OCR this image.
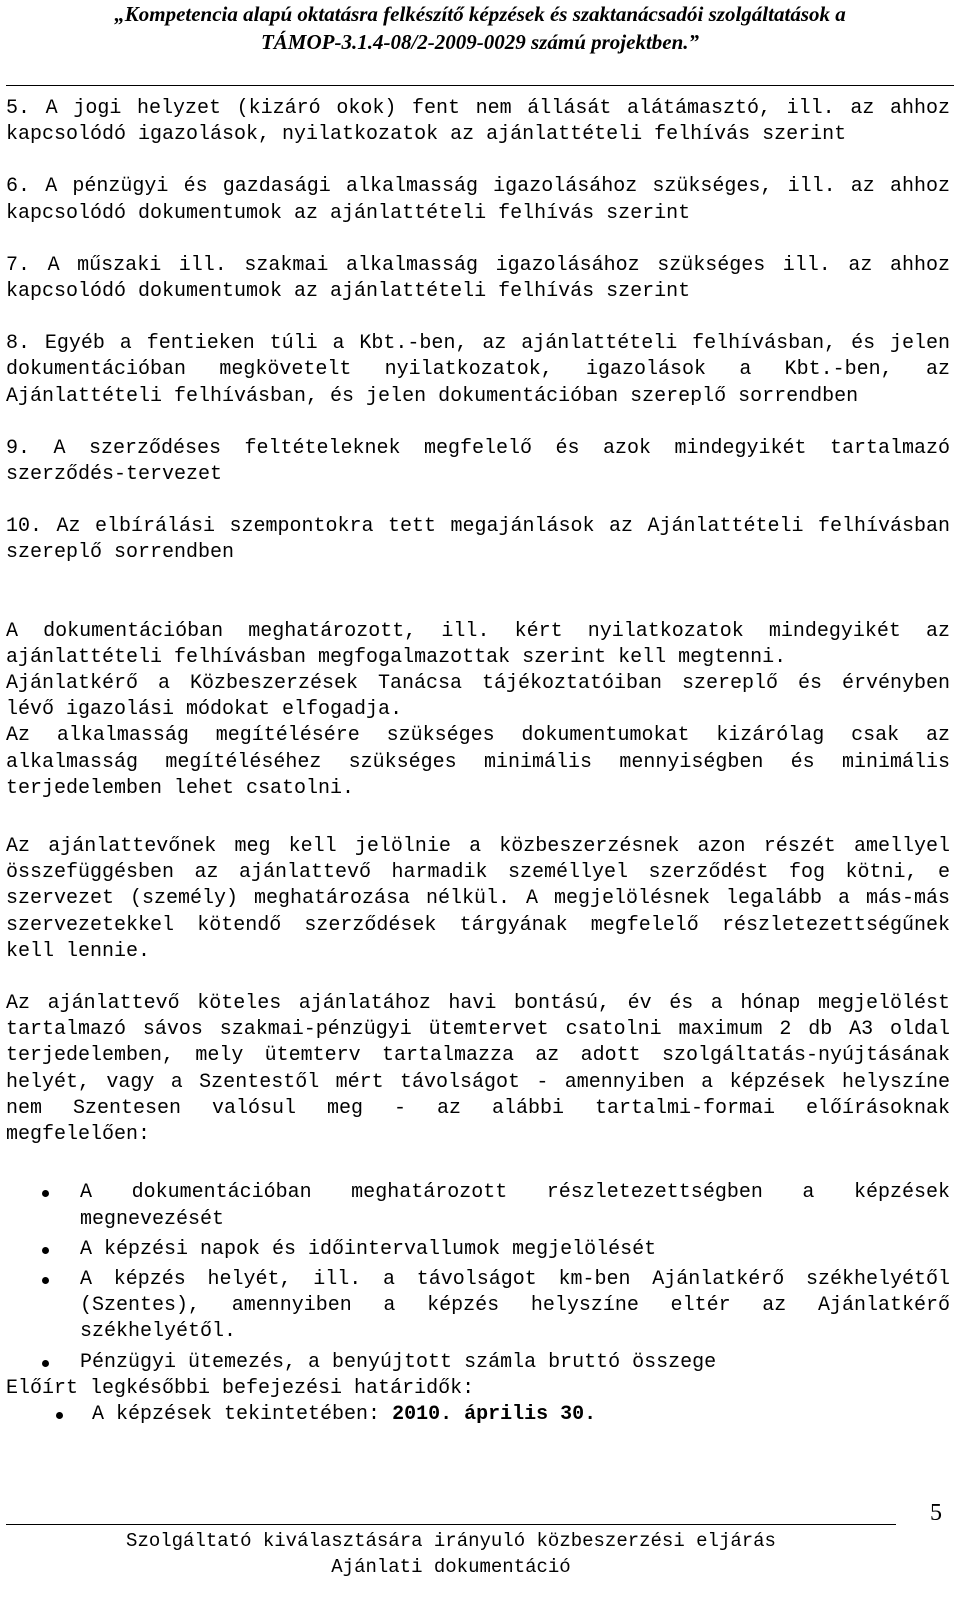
„Kompetencia alapú oktatásra felkészítő képzések és szaktanácsadói szolgáltatások a
TÁMOP-3.1.4-08/2-2009-0029 számú projektben.”

5. A jogi helyzet (kizáró okok) fent nem állását alátámasztó, ill. az ahhoz kapcsolódó igazolások, nyilatkozatok az ajánlattételi felhívás szerint

6. A pénzügyi és gazdasági alkalmasság igazolásához szükséges, ill. az ahhoz kapcsolódó dokumentumok az ajánlattételi felhívás szerint

7. A műszaki ill. szakmai alkalmasság igazolásához szükséges ill. az ahhoz kapcsolódó dokumentumok az ajánlattételi felhívás szerint

8. Egyéb a fentieken túli a Kbt.-ben, az ajánlattételi felhívásban, és jelen dokumentációban megkövetelt nyilatkozatok, igazolások a Kbt.-ben, az Ajánlattételi felhívásban, és jelen dokumentációban szereplő sorrendben

9. A szerződéses feltételeknek megfelelő és azok mindegyikét tartalmazó szerződés-tervezet

10. Az elbírálási szempontokra tett megajánlások az Ajánlattételi felhívásban szereplő sorrendben

A dokumentációban meghatározott, ill. kért nyilatkozatok mindegyikét az ajánlattételi felhívásban megfogalmazottak szerint kell megtenni.

Ajánlatkérő a Közbeszerzések Tanácsa tájékoztatóiban szereplő és érvényben lévő igazolási módokat elfogadja.

Az alkalmasság megítélésére szükséges dokumentumokat kizárólag csak az alkalmasság megítéléséhez szükséges minimális mennyiségben és minimális terjedelemben lehet csatolni.

Az ajánlattevőnek meg kell jelölnie a közbeszerzésnek azon részét amellyel összefüggésben az ajánlattevő harmadik személlyel szerződést fog kötni, e szervezet (személy) meghatározása nélkül. A megjelölésnek legalább a más-más szervezetekkel kötendő szerződések tárgyának megfelelő részletezettségűnek kell lennie.

Az ajánlattevő köteles ajánlatához havi bontású, év és a hónap megjelölést tartalmazó sávos szakmai-pénzügyi ütemtervet csatolni maximum 2 db A3 oldal terjedelemben, mely ütemterv tartalmazza az adott szolgáltatás-nyújtásának helyét, vagy a Szentestől mért távolságot - amennyiben a képzések helyszíne nem Szentesen valósul meg - az alábbi tartalmi-formai előírásoknak megfelelően:

A dokumentációban meghatározott részletezettségben a képzések megnevezését
A képzési napok és időintervallumok megjelölését
A képzés helyét, ill. a távolságot km-ben Ajánlatkérő székhelyétől (Szentes), amennyiben a képzés helyszíne eltér az Ajánlatkérő székhelyétől.
Pénzügyi ütemezés, a benyújtott számla bruttó összege

Előírt legkésőbbi befejezési határidők:

A képzések tekintetében: 2010. április 30.
5
Szolgáltató kiválasztására irányuló közbeszerzési eljárás
Ajánlati dokumentáció
